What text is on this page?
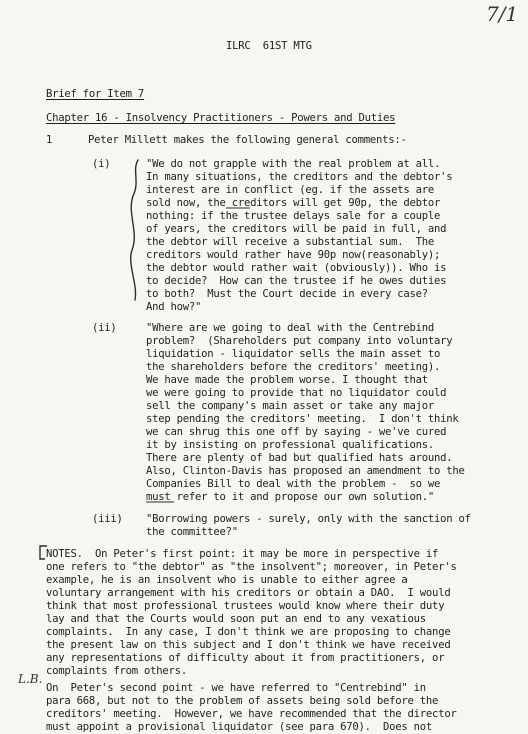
7/1
ILRC  61ST MTG
Brief for Item 7
Chapter 16 - Insolvency Practitioners - Powers and Duties
1	Peter Millett makes the following general comments:-
(i)	"We do not grapple with the real problem at all.
In many situations, the creditors and the debtor's
interest are in conflict (eg. if the assets are
sold now, the creditors will get 90p, the debtor
nothing: if the trustee delays sale for a couple
of years, the creditors will be paid in full, and
the debtor will receive a substantial sum.  The
creditors would rather have 90p now(reasonably);
the debtor would rather wait (obviously)). Who is
to decide?  How can the trustee if he owes duties
to both?  Must the Court decide in every case?
And how?"
(ii)	"Where are we going to deal with the Centrebind
problem?  (Shareholders put company into voluntary
liquidation - liquidator sells the main asset to
the shareholders before the creditors' meeting).
We have made the problem worse. I thought that
we were going to provide that no liquidator could
sell the company's main asset or take any major
step pending the creditors' meeting.  I don't think
we can shrug this one off by saying - we've cured
it by insisting on professional qualifications.
There are plenty of bad but qualified hats around.
Also, Clinton-Davis has proposed an amendment to the
Companies Bill to deal with the problem -  so we
must refer to it and propose our own solution."
(iii) "Borrowing powers - surely, only with the sanction of
the committee?"
NOTES.  On Peter's first point: it may be more in perspective if
one refers to "the debtor" as "the insolvent"; moreover, in Peter's
example, he is an insolvent who is unable to either agree a
voluntary arrangement with his creditors or obtain a DAO.  I would
think that most professional trustees would know where their duty
lay and that the Courts would soon put an end to any vexatious
complaints.  In any case, I don't think we are proposing to change
the present law on this subject and I don't think we have received
any representations of difficulty about it from practitioners, or
complaints from others.
L.B.
On  Peter's second point - we have referred to "Centrebind" in
para 668, but not to the problem of assets being sold before the
creditors' meeting.  However, we have recommended that the director
must appoint a provisional liquidator (see para 670).  Does not
